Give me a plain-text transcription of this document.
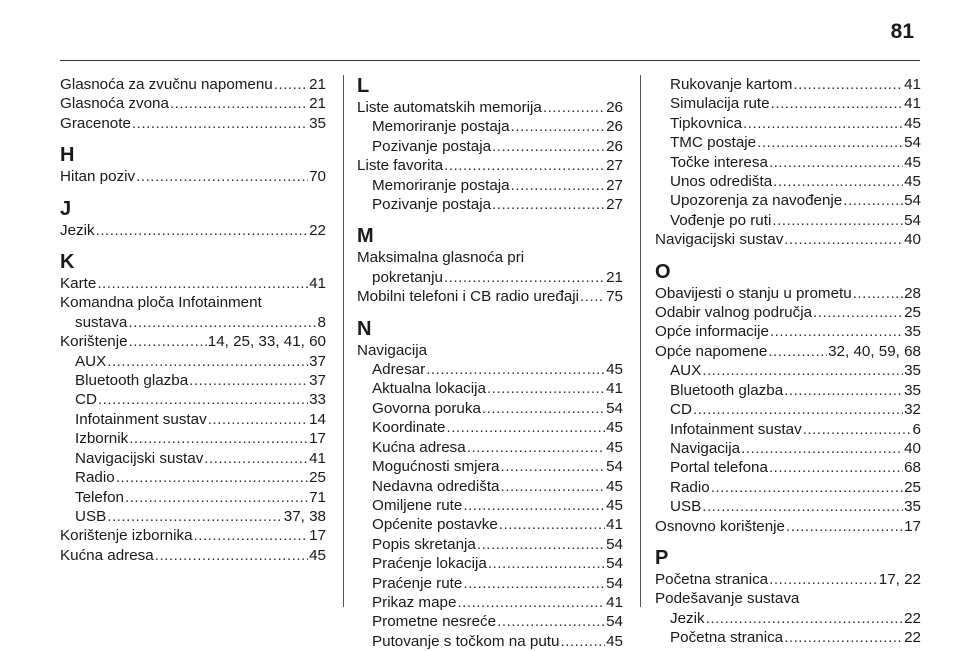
81
Glasnoća za zvučnu napomenu ..... 21
Glasnoća zvona .....	21
Gracenote .....	35
H
Hitan poziv .....	70
J
Jezik .....	22
K
Karte .....	41
Komandna ploča Infotainment
sustava .....	8
Korištenje .....	14, 25, 33, 41, 60
AUX .....	37
Bluetooth glazba .....	37
CD .....	33
Infotainment sustav .....	14
Izbornik .....	17
Navigacijski sustav .....	41
Radio .....	25
Telefon .....	71
USB .....	37, 38
Korištenje izbornika .....	17
Kućna adresa .....	45
L
Liste automatskih memorija .....	26
Memoriranje postaja .....	26
Pozivanje postaja .....	26
Liste favorita .....	27
Memoriranje postaja .....	27
Pozivanje postaja .....	27
M
Maksimalna glasnoća pri
pokretanju .....	21
Mobilni telefoni i CB radio uređaji ..... 75
N
Navigacija
Adresar .....	45
Aktualna lokacija .....	41
Govorna poruka .....	54
Koordinate .....	45
Kućna adresa .....	45
Mogućnosti smjera .....	54
Nedavna odredišta .....	45
Omiljene rute .....	45
Općenite postavke .....	41
Popis skretanja .....	54
Praćenje lokacija .....	54
Praćenje rute .....	54
Prikaz mape .....	41
Prometne nesreće .....	54
Putovanje s točkom na putu .....	45
Rukovanje kartom .....	41
Simulacija rute .....	41
Tipkovnica .....	45
TMC postaje .....	54
Točke interesa .....	45
Unos odredišta .....	45
Upozorenja za navođenje .....	54
Vođenje po ruti .....	54
Navigacijski sustav .....	40
O
Obavijesti o stanju u prometu .....	28
Odabir valnog područja .....	25
Opće informacije .....	35
Opće napomene .....	32, 40, 59, 68
AUX .....	35
Bluetooth glazba .....	35
CD .....	32
Infotainment sustav .....	6
Navigacija .....	40
Portal telefona .....	68
Radio .....	25
USB .....	35
Osnovno korištenje .....	17
P
Početna stranica .....	17, 22
Podešavanje sustava
Jezik .....	22
Početna stranica .....	22
